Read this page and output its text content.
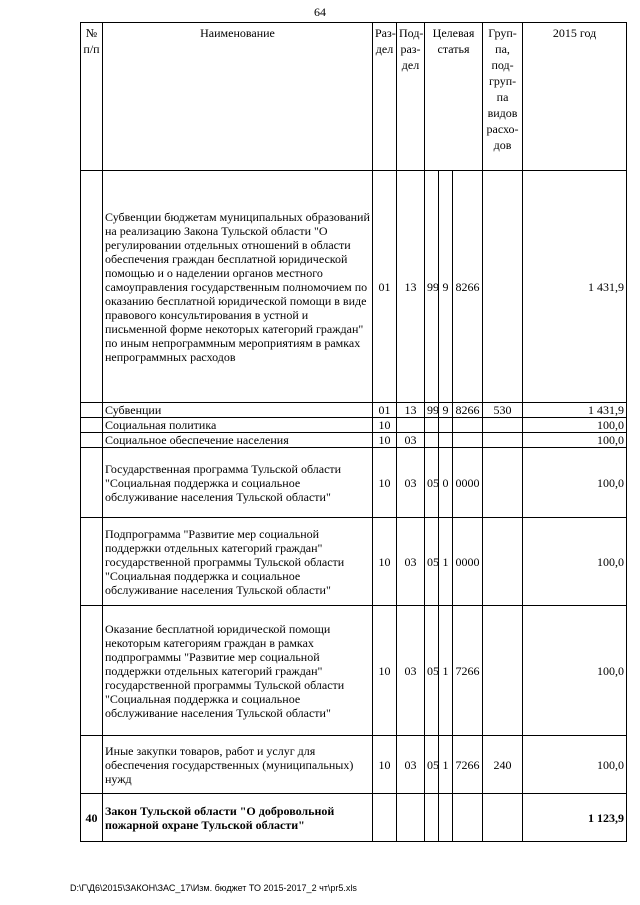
64
№ п/п	Наименование	Раз-дел	Под-раз-дел	Целевая статья			Груп-па, под-груп-па видов расхо-дов	2015 год
	Субвенции бюджетам муниципальных образований на реализацию Закона Тульской области "О регулировании отдельных отношений в области обеспечения граждан бесплатной юридической помощью и о наделении органов местного самоуправления государственным полномочием по оказанию бесплатной юридической помощи в виде правового консультирования в устной и письменной форме некоторых категорий граждан" по иным непрограммным мероприятиям в рамках непрограммных расходов	01	13	99	9	8266		1 431,9
	Субвенции	01	13	99	9	8266	530	1 431,9
	Социальная политика	10						100,0
	Социальное обеспечение населения	10	03					100,0
	Государственная программа Тульской области "Социальная поддержка и социальное обслуживание населения Тульской области"	10	03	05	0	0000		100,0
	Подпрограмма "Развитие мер социальной поддержки отдельных категорий граждан" государственной программы Тульской области "Социальная поддержка и социальное обслуживание населения Тульской области"	10	03	05	1	0000		100,0
	Оказание бесплатной юридической помощи некоторым категориям граждан в рамках подпрограммы "Развитие мер социальной поддержки отдельных категорий граждан" государственной программы Тульской области "Социальная поддержка и социальное обслуживание населения Тульской области"	10	03	05	1	7266		100,0
	Иные закупки товаров, работ и услуг для обеспечения государственных (муниципальных) нужд	10	03	05	1	7266	240	100,0
40	Закон Тульской области "О добровольной пожарной охране Тульской области"							1 123,9
D:\Г\Д6\2015\ЗАКОН\ЗАС_17\Изм. бюджет ТО 2015-2017_2 чт\pr5.xls
